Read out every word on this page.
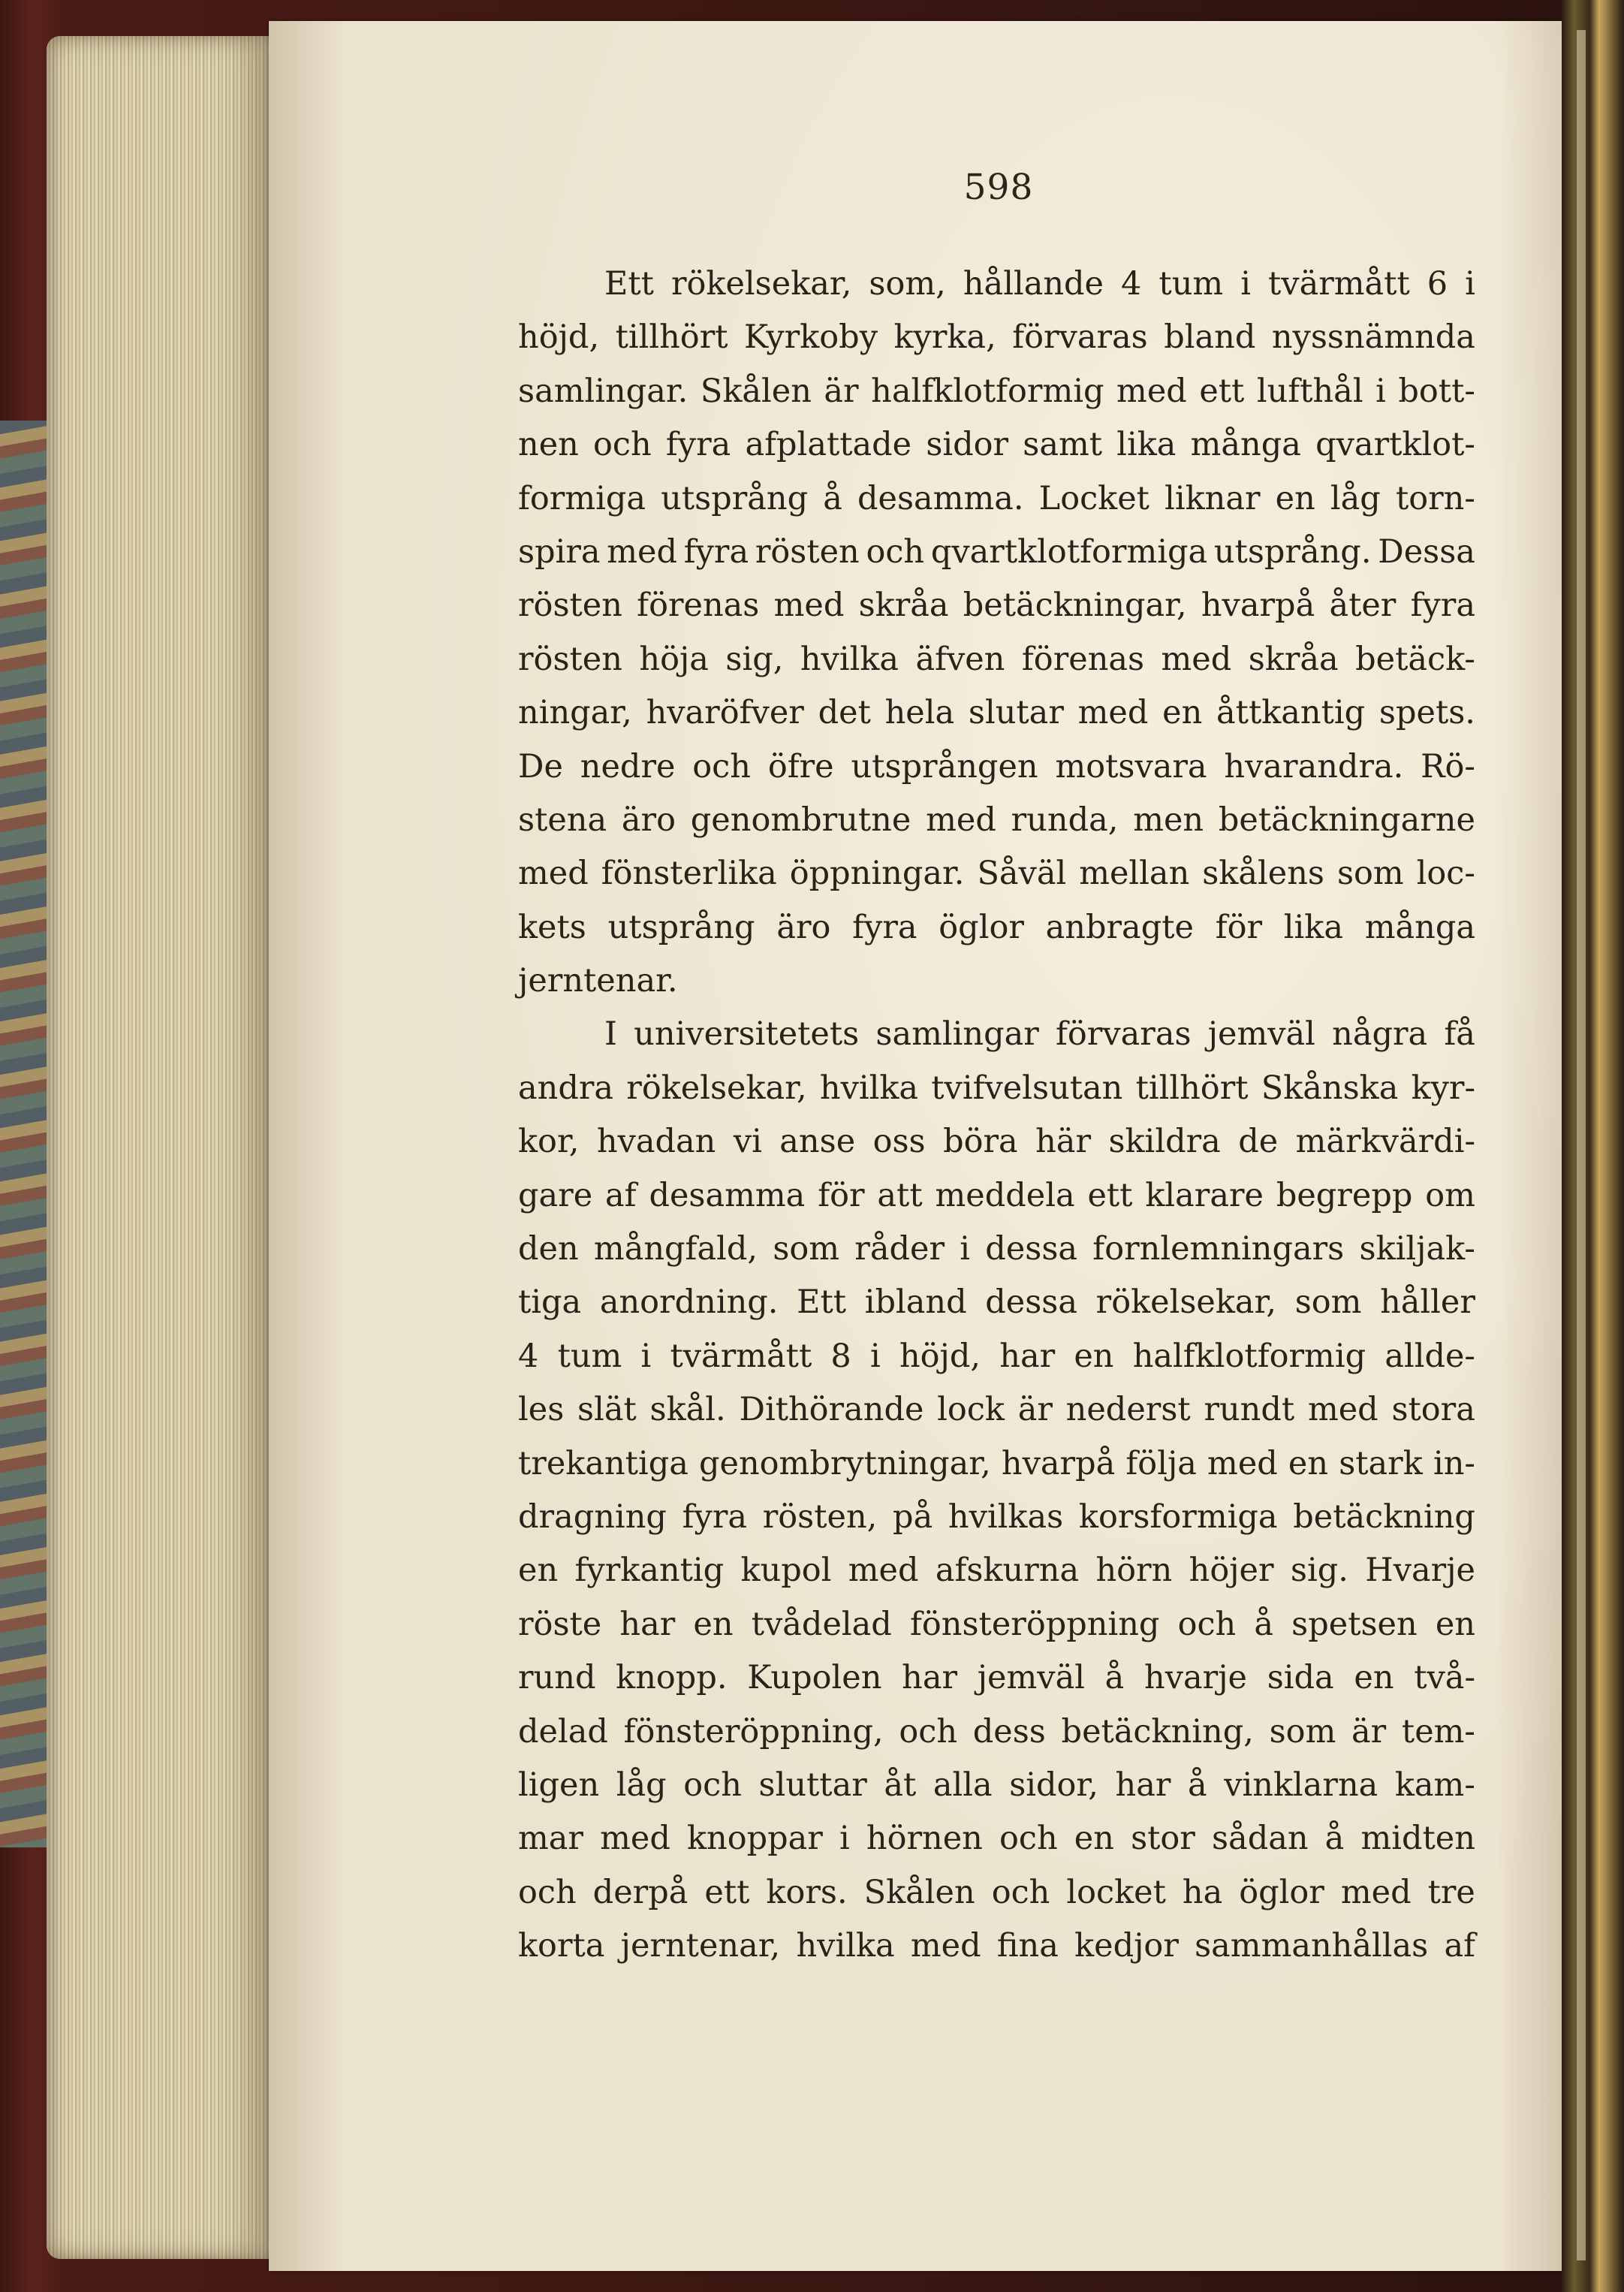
598
Ett rökelsekar, som, hållande 4 tum i tvärmått 6 i
höjd, tillhört Kyrkoby kyrka, förvaras bland nyssnämnda
samlingar. Skålen är halfklotformig med ett lufthål i bott-
nen och fyra afplattade sidor samt lika många qvartklot-
formiga utsprång å desamma. Locket liknar en låg torn-
spira med fyra rösten och qvartklotformiga utsprång. Dessa
rösten förenas med skråa betäckningar, hvarpå åter fyra
rösten höja sig, hvilka äfven förenas med skråa betäck-
ningar, hvaröfver det hela slutar med en åttkantig spets.
De nedre och öfre utsprången motsvara hvarandra. Rö-
stena äro genombrutne med runda, men betäckningarne
med fönsterlika öppningar. Såväl mellan skålens som loc-
kets utsprång äro fyra öglor anbragte för lika många
jerntenar.
I universitetets samlingar förvaras jemväl några få
andra rökelsekar, hvilka tvifvelsutan tillhört Skånska kyr-
kor, hvadan vi anse oss böra här skildra de märkvärdi-
gare af desamma för att meddela ett klarare begrepp om
den mångfald, som råder i dessa fornlemningars skiljak-
tiga anordning. Ett ibland dessa rökelsekar, som håller
4 tum i tvärmått 8 i höjd, har en halfklotformig allde-
les slät skål. Dithörande lock är nederst rundt med stora
trekantiga genombrytningar, hvarpå följa med en stark in-
dragning fyra rösten, på hvilkas korsformiga betäckning
en fyrkantig kupol med afskurna hörn höjer sig. Hvarje
röste har en tvådelad fönsteröppning och å spetsen en
rund knopp. Kupolen har jemväl å hvarje sida en två-
delad fönsteröppning, och dess betäckning, som är tem-
ligen låg och sluttar åt alla sidor, har å vinklarna kam-
mar med knoppar i hörnen och en stor sådan å midten
och derpå ett kors. Skålen och locket ha öglor med tre
korta jerntenar, hvilka med fina kedjor sammanhållas af
